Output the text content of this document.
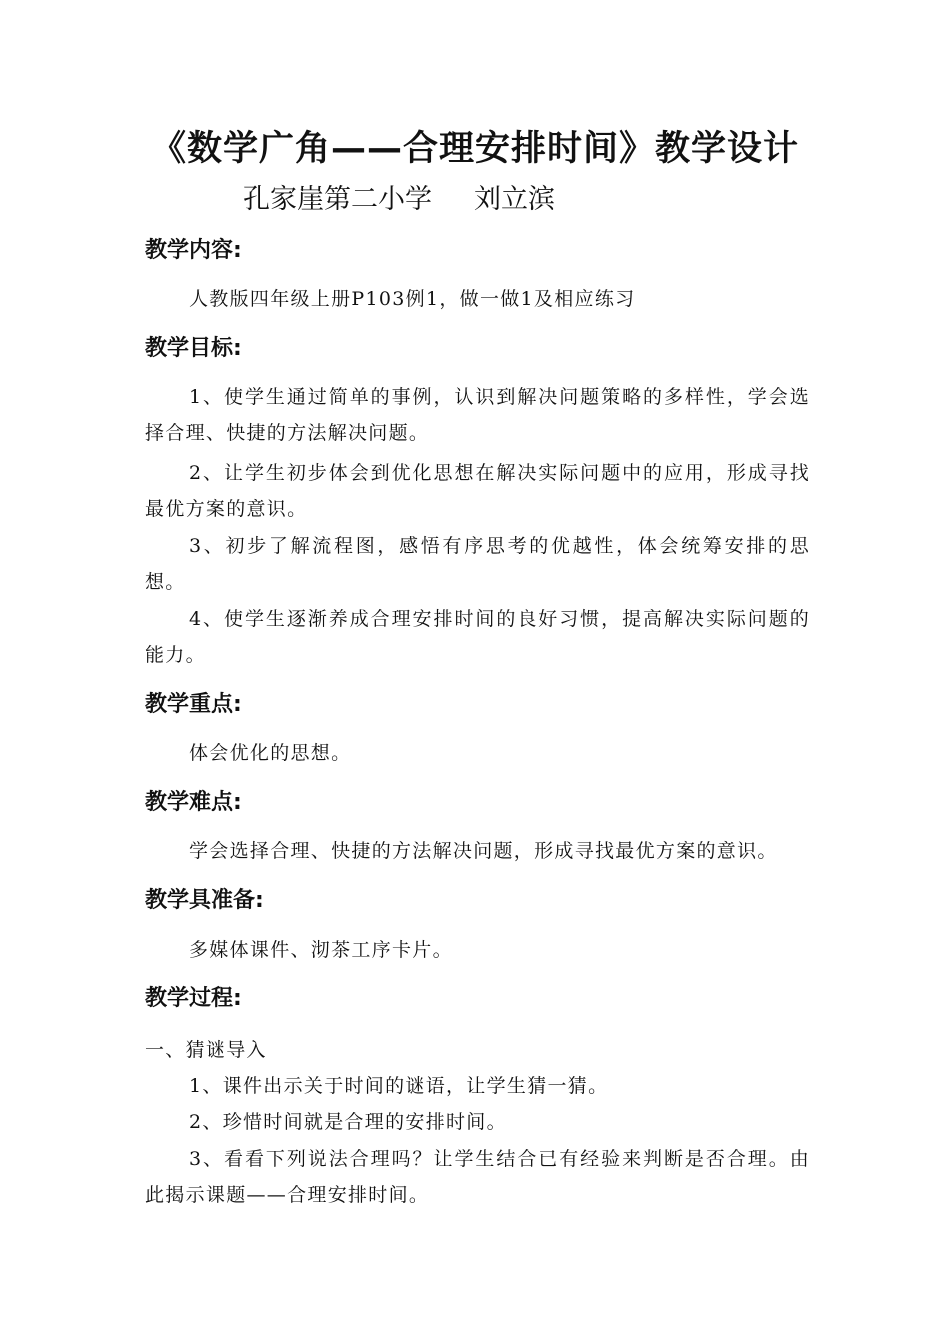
《数学广角——合理安排时间》教学设计
孔家崖第二小学 刘立滨
教学内容:
人教版四年级上册P103例1，做一做1及相应练习
教学目标:
1、使学生通过简单的事例，认识到解决问题策略的多样性，学会选择合理、快捷的方法解决问题。
2、让学生初步体会到优化思想在解决实际问题中的应用，形成寻找最优方案的意识。
3、初步了解流程图，感悟有序思考的优越性，体会统筹安排的思想。
4、使学生逐渐养成合理安排时间的良好习惯，提高解决实际问题的能力。
教学重点:
体会优化的思想。
教学难点:
学会选择合理、快捷的方法解决问题，形成寻找最优方案的意识。
教学具准备:
多媒体课件、沏茶工序卡片。
教学过程:
一、猜谜导入
1、课件出示关于时间的谜语，让学生猜一猜。
2、珍惜时间就是合理的安排时间。
3、看看下列说法合理吗？让学生结合已有经验来判断是否合理。由此揭示课题——合理安排时间。
